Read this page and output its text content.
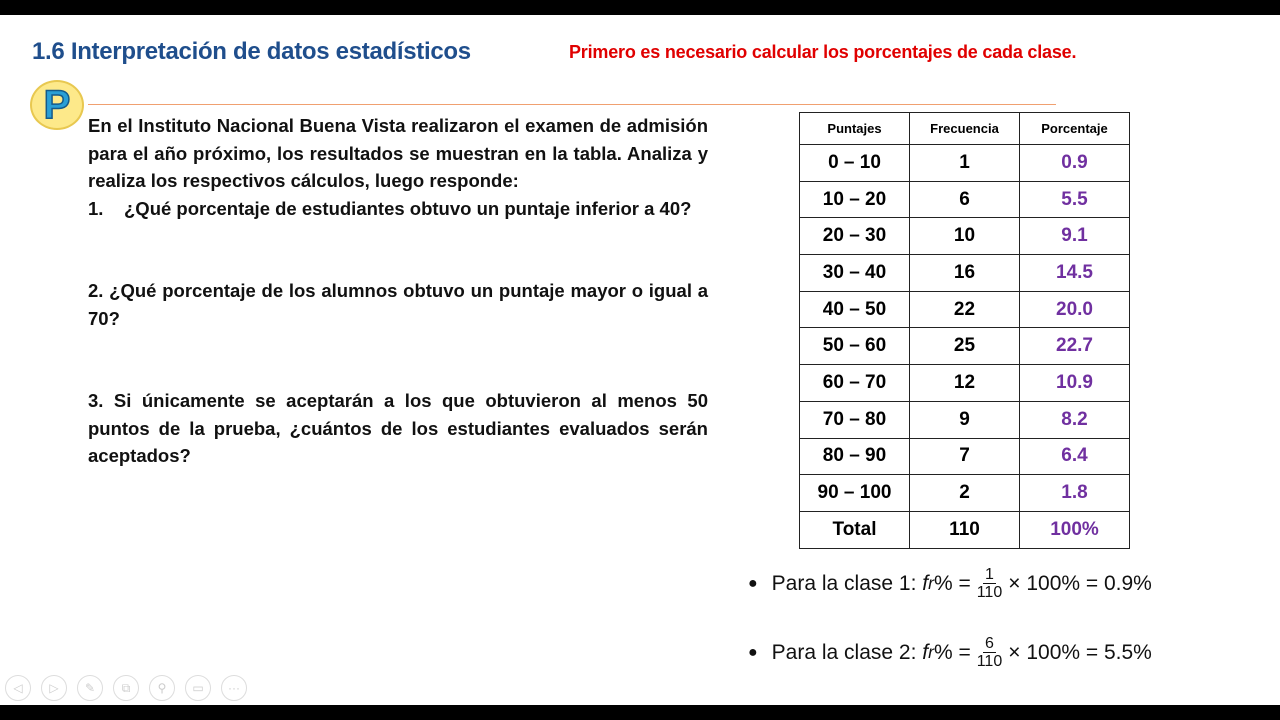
1.6 Interpretación de datos estadísticos	Primero es necesario calcular los porcentajes de cada clase.
P En el Instituto Nacional Buena Vista realizaron el examen de admisión para el año próximo, los resultados se muestran en la tabla. Analiza y realiza los respectivos cálculos, luego responde:

1.	¿Qué porcentaje de estudiantes obtuvo un puntaje inferior a 40?

2. ¿Qué porcentaje de los alumnos obtuvo un puntaje mayor o igual a 70?

3. Si únicamente se aceptarán a los que obtuvieron al menos 50 puntos de la prueba, ¿cuántos de los estudiantes evaluados serán aceptados?

Puntajes	Frecuencia	Porcentaje
0 – 10	1	0.9
10 – 20	6	5.5
20 – 30	10	9.1
30 – 40	16	14.5
40 – 50	22	20.0
50 – 60	25	22.7
60 – 70	12	10.9
70 – 80	9	8.2
80 – 90	7	6.4
90 – 100	2	1.8
Total	110	100%
● Para la clase 1:
f r % = $\frac{1}{110} \times 100\% = 0.9\%$
● Para la clase 2:
f r % = $\frac{6}{110} \times 100\% = 5.5\%$
◁ ▷ ✎ ⧉ ⚲ ▭ ···
